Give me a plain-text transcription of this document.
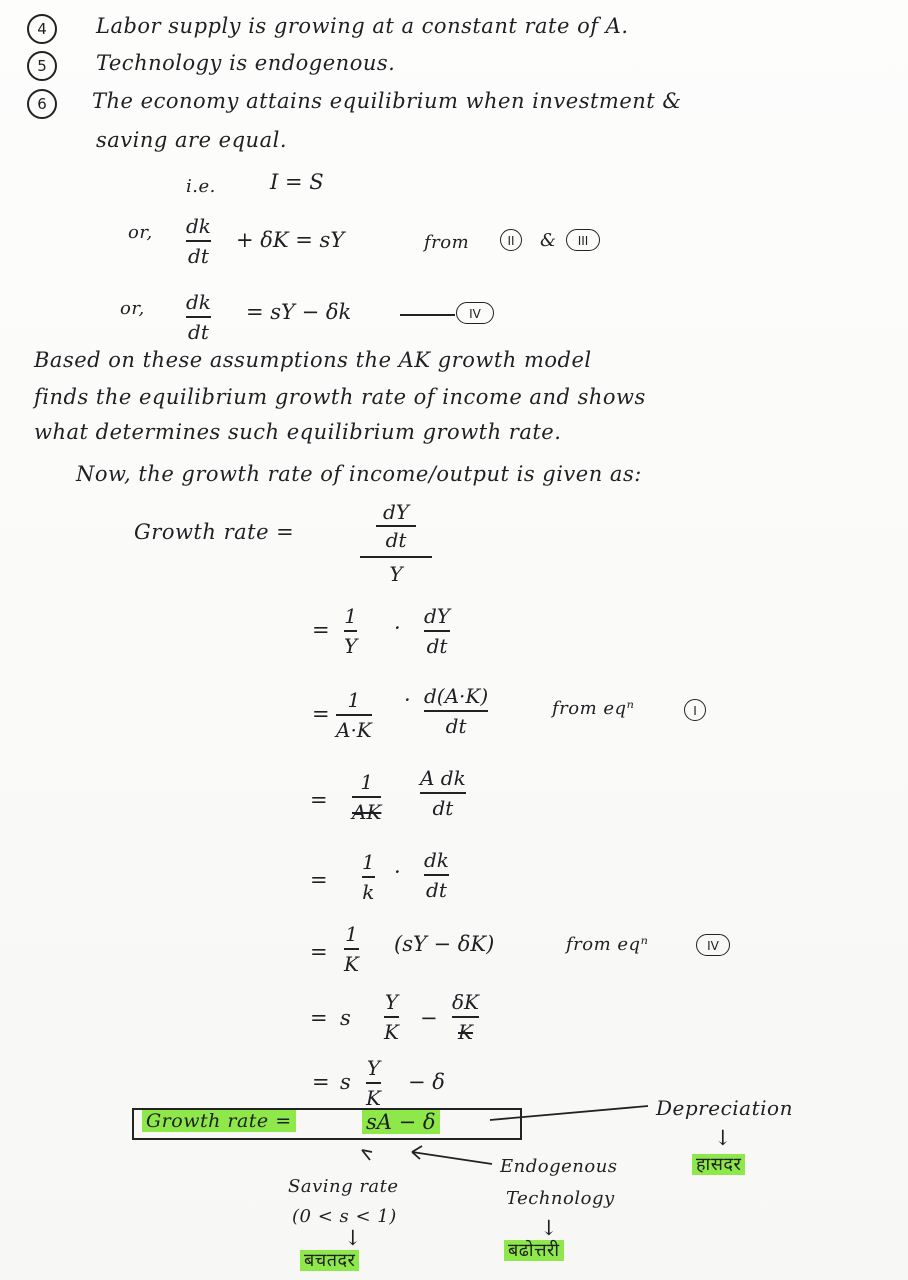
4	Labor supply is growing at a constant rate of A.
5	Technology is endogenous.
6	The economy attains equilibrium when investment &
saving are equal.
i.e.	I = S
or, dk
dt
+ δK = sY	from	II	&	III
or, dk
dt
= sY − δk	IV
Based on these assumptions the AK growth model
finds the equilibrium growth rate of income and shows
what determines such equilibrium growth rate.
Now, the growth rate of income/output is given as:
Growth rate =
dY
dt
Y
=
1
Y
· dY
dt
=
1
A·K
· d(A·K)
dt
from eqⁿ	I
=
1
AK
A dk
dt
=
1
k
· dk
dt
=
1
K
(sY − δK)	from eqⁿ	IV
= s
Y
K
−
δK
K
= s
Y
K
− δ
Growth rate =	sA − δ
Depreciation
↓
हासदर
Saving rate
(0 < s < 1)
↓
बचतदर
Endogenous
Technology
↓
बढोत्तरी
